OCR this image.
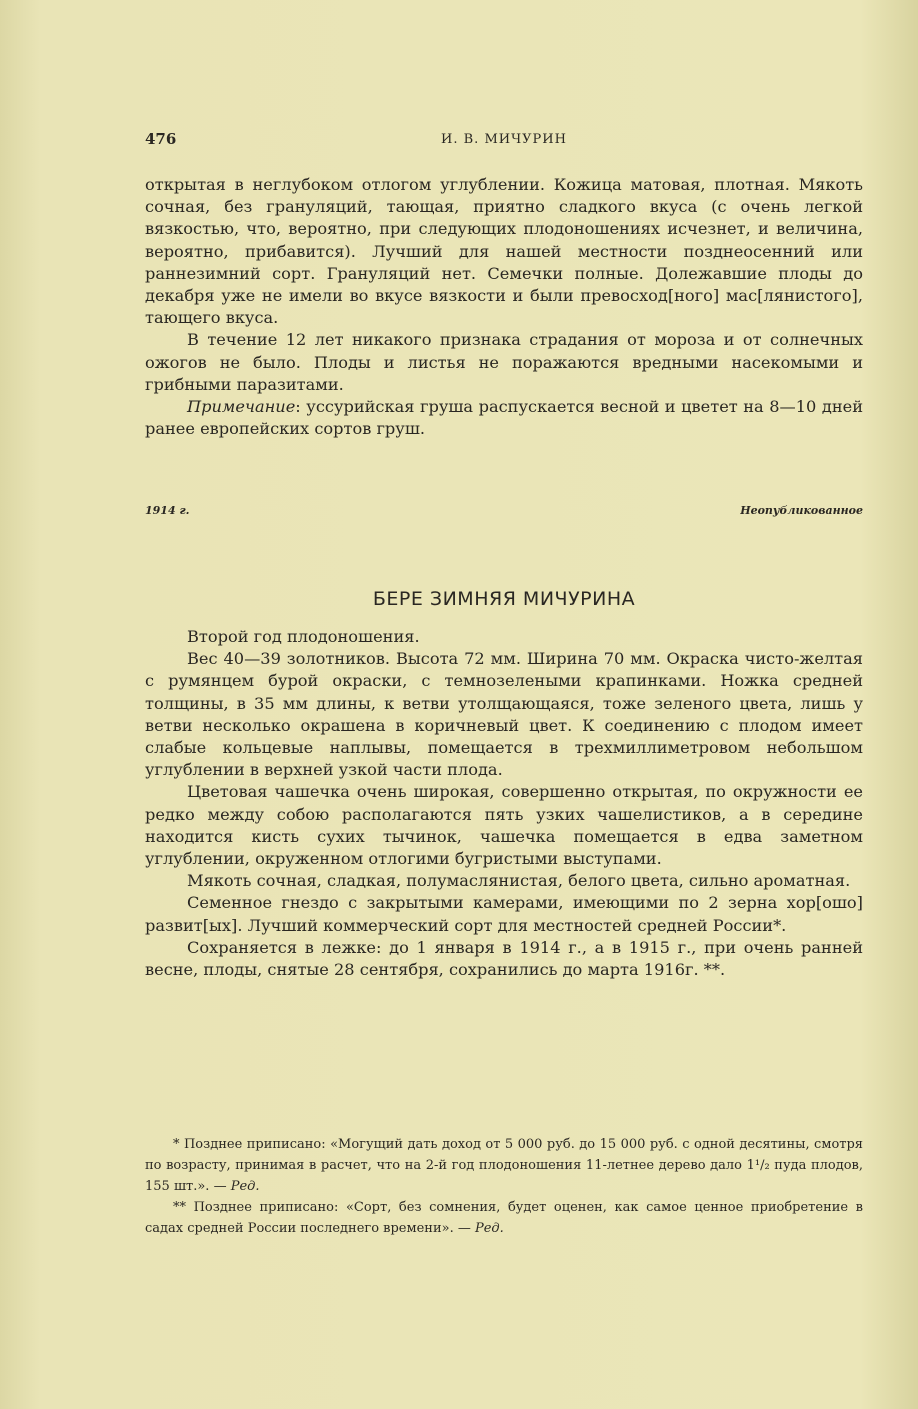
476	И. В. МИЧУРИН

открытая в неглубоком отлогом углублении. Кожица матовая, плотная. Мякоть сочная, без грануляций, тающая, приятно сладкого вкуса (с очень легкой вязкостью, что, вероятно, при следующих плодоношениях исчезнет, и величина, вероятно, прибавится). Лучший для нашей местности позднеосенний или раннезимний сорт. Грануляций нет. Семечки полные. Долежавшие плоды до декабря уже не имели во вкусе вязкости и были превосход[ного] мас[лянистого], тающего вкуса.

В течение 12 лет никакого признака страдания от мороза и от солнечных ожогов не было. Плоды и листья не поражаются вредными насекомыми и грибными паразитами.

Примечание: уссурийская груша распускается весной и цветет на 8—10 дней ранее европейских сортов груш.

1914 г.	Неопубликованное
БЕРЕ ЗИМНЯЯ МИЧУРИНА

Второй год плодоношения.

Вес 40—39 золотников. Высота 72 мм. Ширина 70 мм. Окраска чисто-желтая с румянцем бурой окраски, с темнозелеными крапинками. Ножка средней толщины, в 35 мм длины, к ветви утолщающаяся, тоже зеленого цвета, лишь у ветви несколько окрашена в коричневый цвет. К соединению с плодом имеет слабые кольцевые наплывы, помещается в трехмиллиметровом небольшом углублении в верхней узкой части плода.

Цветовая чашечка очень широкая, совершенно открытая, по окружности ее редко между собою располагаются пять узких чашелистиков, а в середине находится кисть сухих тычинок, чашечка помещается в едва заметном углублении, окруженном отлогими бугристыми выступами.

Мякоть сочная, сладкая, полумаслянистая, белого цвета, сильно ароматная.

Семенное гнездо с закрытыми камерами, имеющими по 2 зерна хор[ошо] развит[ых]. Лучший коммерческий сорт для местностей средней России*.

Сохраняется в лежке: до 1 января в 1914 г., а в 1915 г., при очень ранней весне, плоды, снятые 28 сентября, сохранились до марта 1916г. **.

* Позднее приписано: «Могущий дать доход от 5 000 руб. до 15 000 руб. с одной десятины, смотря по возрасту, принимая в расчет, что на 2-й год плодоношения 11-летнее дерево дало 1¹/₂ пуда плодов, 155 шт.». — Ред.

** Позднее приписано: «Сорт, без сомнения, будет оценен, как самое ценное приобретение в садах средней России последнего времени». — Ред.
